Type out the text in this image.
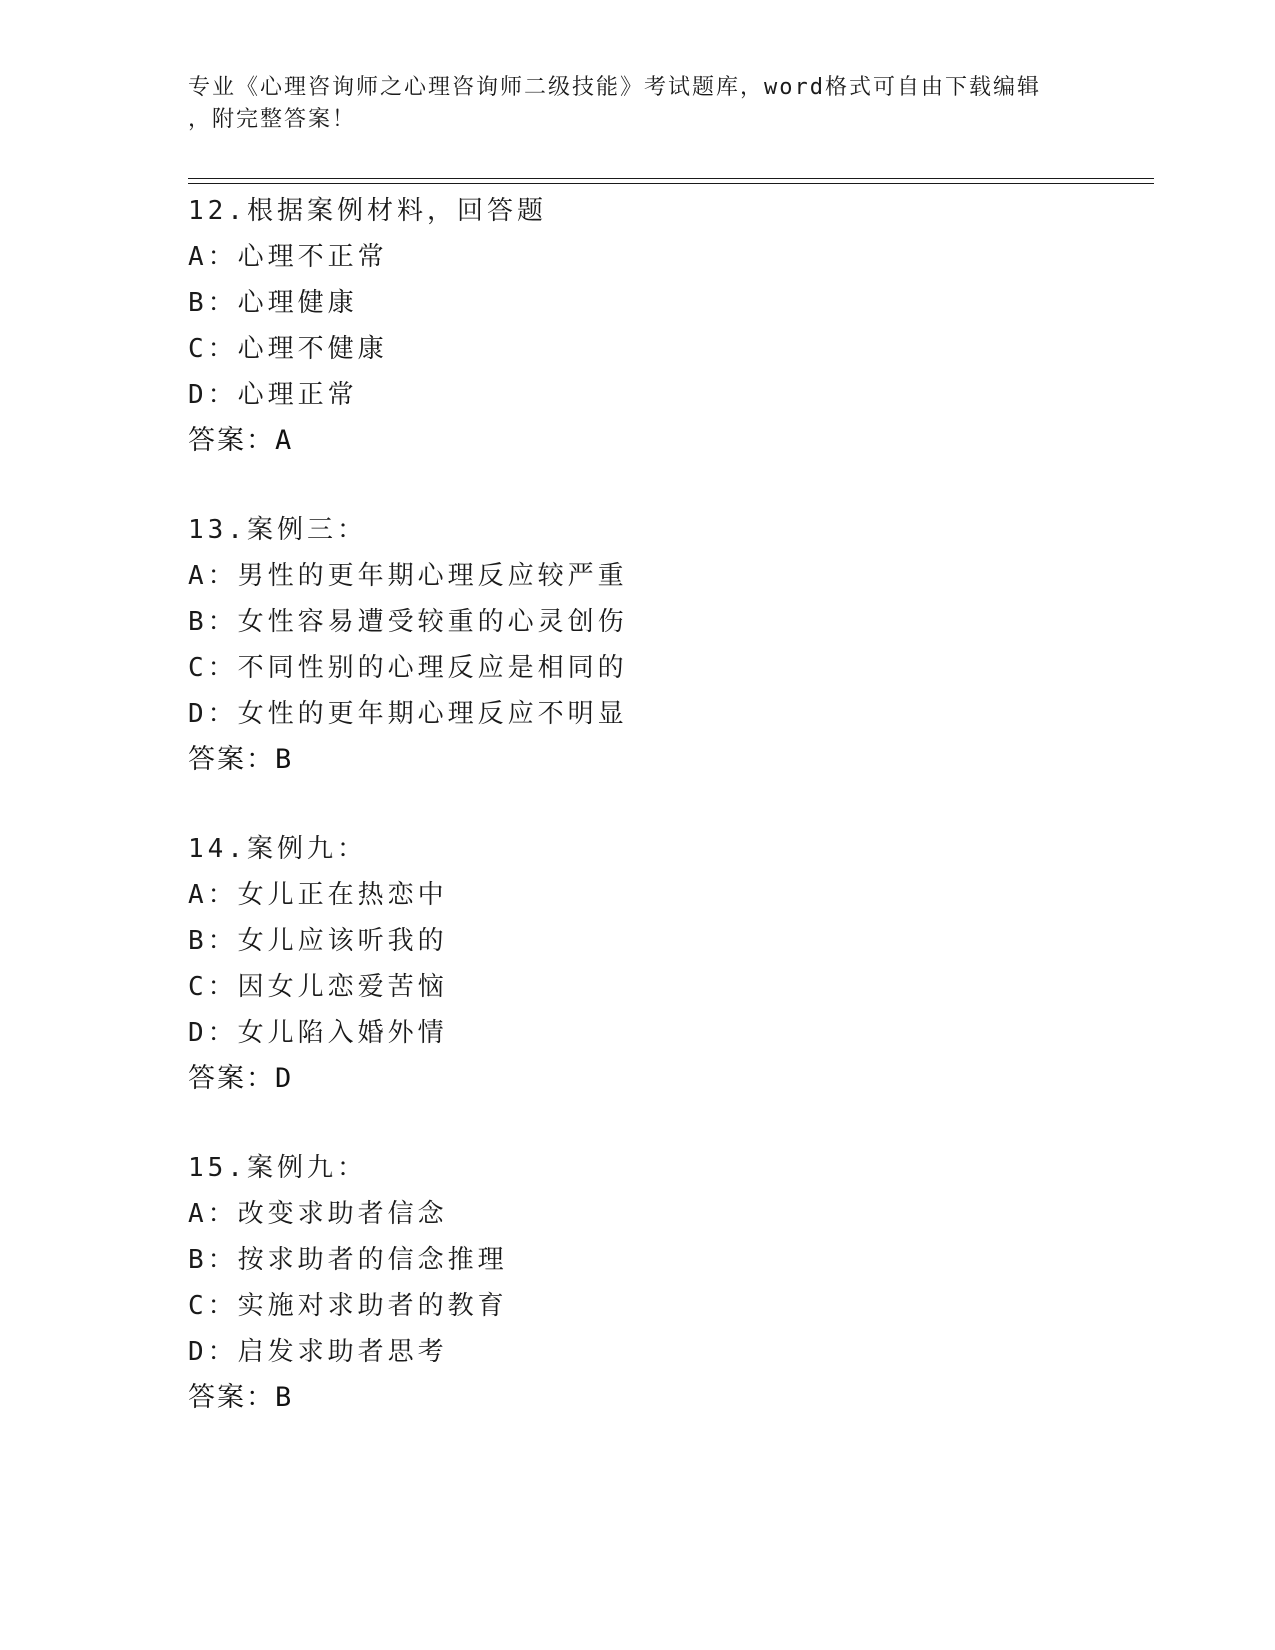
专业《心理咨询师之心理咨询师二级技能》考试题库，word格式可自由下载编辑
，附完整答案！
12.根据案例材料，回答题
A：心理不正常
B：心理健康
C：心理不健康
D：心理正常
答案：A
13.案例三：
A：男性的更年期心理反应较严重
B：女性容易遭受较重的心灵创伤
C：不同性别的心理反应是相同的
D：女性的更年期心理反应不明显
答案：B
14.案例九：
A：女儿正在热恋中
B：女儿应该听我的
C：因女儿恋爱苦恼
D：女儿陷入婚外情
答案：D
15.案例九：
A：改变求助者信念
B：按求助者的信念推理
C：实施对求助者的教育
D：启发求助者思考
答案：B
